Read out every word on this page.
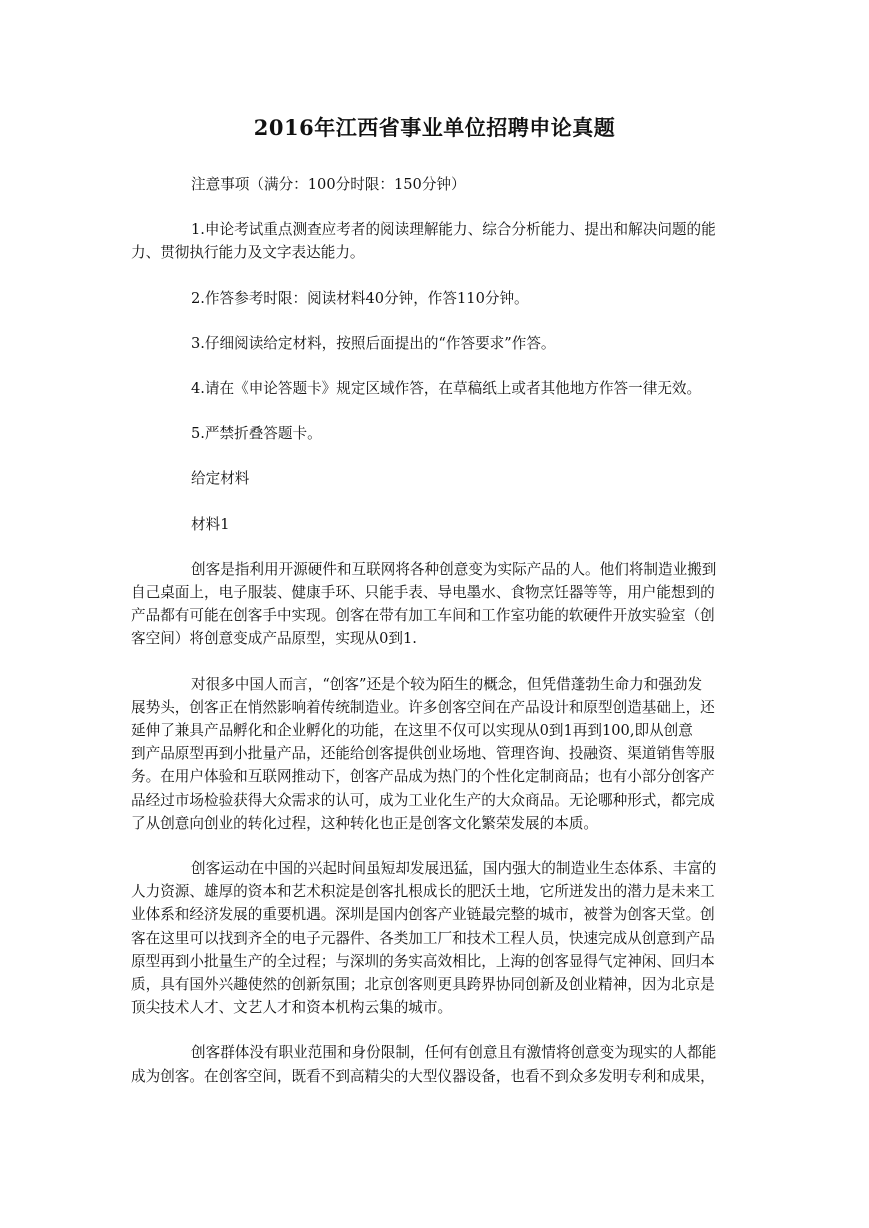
2016年江西省事业单位招聘申论真题
注意事项（满分：100分时限：150分钟）
1.申论考试重点测查应考者的阅读理解能力、综合分析能力、提出和解决问题的能
力、贯彻执行能力及文字表达能力。
2.作答参考时限：阅读材料40分钟，作答110分钟。
3.仔细阅读给定材料，按照后面提出的“作答要求”作答。
4.请在《申论答题卡》规定区域作答，在草稿纸上或者其他地方作答一律无效。
5.严禁折叠答题卡。
给定材料
材料1
创客是指利用开源硬件和互联网将各种创意变为实际产品的人。他们将制造业搬到
自己桌面上，电子服装、健康手环、只能手表、导电墨水、食物烹饪器等等，用户能想到的
产品都有可能在创客手中实现。创客在带有加工车间和工作室功能的软硬件开放实验室（创
客空间）将创意变成产品原型，实现从0到1.
对很多中国人而言，“创客”还是个较为陌生的概念，但凭借蓬勃生命力和强劲发
展势头，创客正在悄然影响着传统制造业。许多创客空间在产品设计和原型创造基础上，还
延伸了兼具产品孵化和企业孵化的功能，在这里不仅可以实现从0到1再到100,即从创意
到产品原型再到小批量产品，还能给创客提供创业场地、管理咨询、投融资、渠道销售等服
务。在用户体验和互联网推动下，创客产品成为热门的个性化定制商品；也有小部分创客产
品经过市场检验获得大众需求的认可，成为工业化生产的大众商品。无论哪种形式，都完成
了从创意向创业的转化过程，这种转化也正是创客文化繁荣发展的本质。
创客运动在中国的兴起时间虽短却发展迅猛，国内强大的制造业生态体系、丰富的
人力资源、雄厚的资本和艺术积淀是创客扎根成长的肥沃土地，它所迸发出的潜力是未来工
业体系和经济发展的重要机遇。深圳是国内创客产业链最完整的城市，被誉为创客天堂。创
客在这里可以找到齐全的电子元器件、各类加工厂和技术工程人员，快速完成从创意到产品
原型再到小批量生产的全过程；与深圳的务实高效相比，上海的创客显得气定神闲、回归本
质，具有国外兴趣使然的创新氛围；北京创客则更具跨界协同创新及创业精神，因为北京是
顶尖技术人才、文艺人才和资本机构云集的城市。
创客群体没有职业范围和身份限制，任何有创意且有激情将创意变为现实的人都能
成为创客。在创客空间，既看不到高精尖的大型仪器设备，也看不到众多发明专利和成果，
